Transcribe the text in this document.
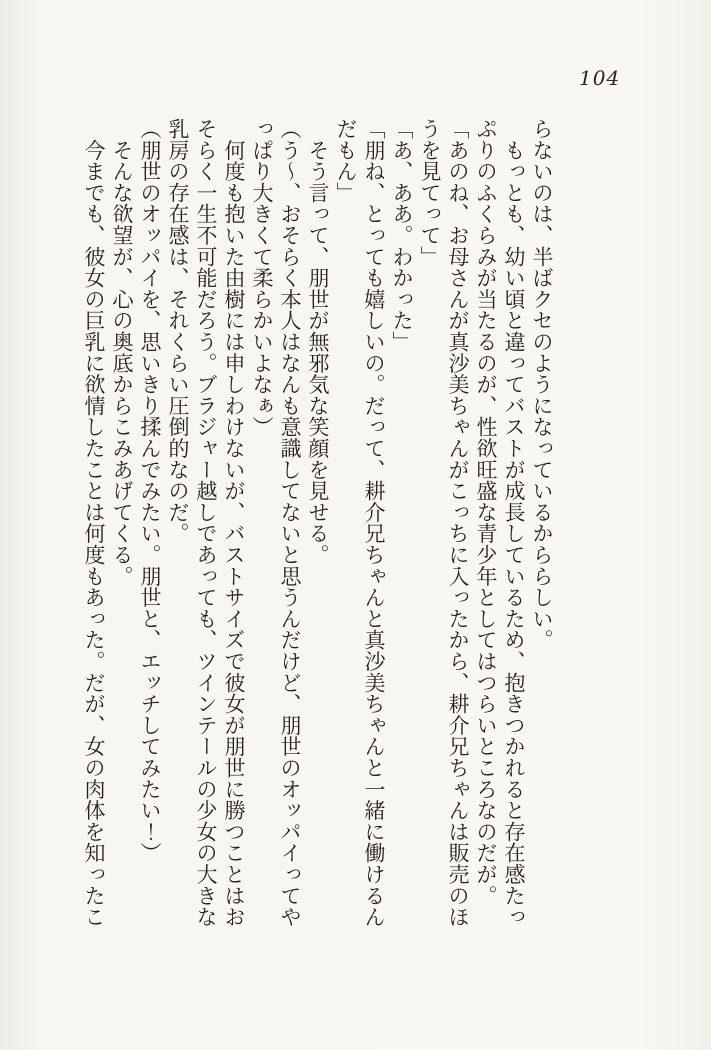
104

らないのは、半ばクセのようになっているかららしい。

　もっとも、幼い頃と違ってバストが成長しているため、抱きつかれると存在感たっ

ぷりのふくらみが当たるのが、性欲旺盛な青少年としてはつらいところなのだが。

「あのね、お母さんが真沙美ちゃんがこっちに入ったから、耕介兄ちゃんは販売のほ

うを見てって」

「あ、ああ。わかった」

「朋ね、とっても嬉しいの。だって、耕介兄ちゃんと真沙美ちゃんと一緒に働けるん

だもん」

　そう言って、朋世が無邪気な笑顔を見せる。

（う～、おそらく本人はなんも意識してないと思うんだけど、朋世のオッパイってや

っぱり大きくて柔らかいよなぁ）

　何度も抱いた由樹には申しわけないが、バストサイズで彼女が朋世に勝つことはお

そらく一生不可能だろう。ブラジャー越しであっても、ツインテールの少女の大きな

乳房の存在感は、それくらい圧倒的なのだ。

（朋世のオッパイを、思いきり揉んでみたい。朋世と、エッチしてみたい！）

　そんな欲望が、心の奥底からこみあげてくる。

　今までも、彼女の巨乳に欲情したことは何度もあった。だが、女の肉体を知ったこ
